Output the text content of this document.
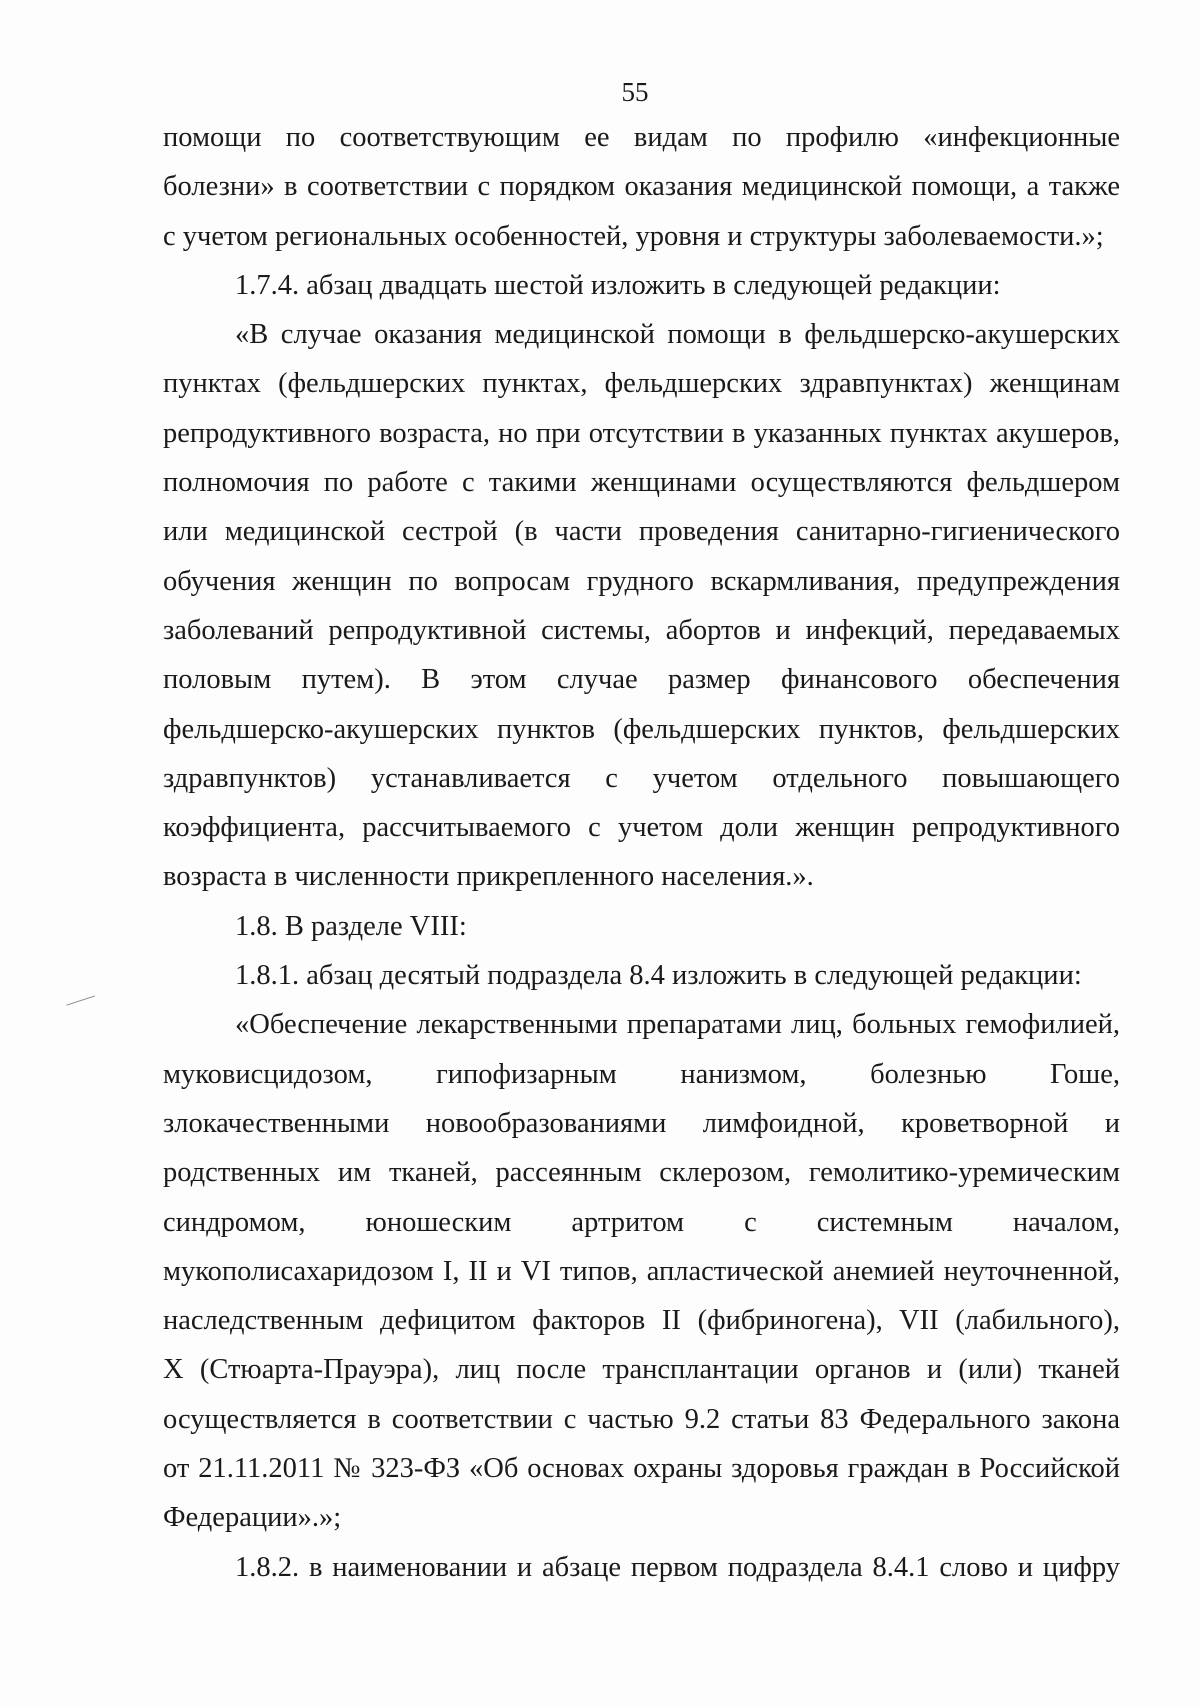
55
помощи по соответствующим ее видам по профилю «инфекционные
болезни» в соответствии с порядком оказания медицинской помощи, а также
с учетом региональных особенностей, уровня и структуры заболеваемости.»;
1.7.4. абзац двадцать шестой изложить в следующей редакции:
«В случае оказания медицинской помощи в фельдшерско-акушерских
пунктах (фельдшерских пунктах, фельдшерских здравпунктах) женщинам
репродуктивного возраста, но при отсутствии в указанных пунктах акушеров,
полномочия по работе с такими женщинами осуществляются фельдшером
или медицинской сестрой (в части проведения санитарно-гигиенического
обучения женщин по вопросам грудного вскармливания, предупреждения
заболеваний репродуктивной системы, абортов и инфекций, передаваемых
половым путем). В этом случае размер финансового обеспечения
фельдшерско-акушерских пунктов (фельдшерских пунктов, фельдшерских
здравпунктов) устанавливается с учетом отдельного повышающего
коэффициента, рассчитываемого с учетом доли женщин репродуктивного
возраста в численности прикрепленного населения.».
1.8. В разделе VIII:
1.8.1. абзац десятый подраздела 8.4 изложить в следующей редакции:
«Обеспечение лекарственными препаратами лиц, больных гемофилией,
муковисцидозом, гипофизарным нанизмом, болезнью Гоше,
злокачественными новообразованиями лимфоидной, кроветворной и
родственных им тканей, рассеянным склерозом, гемолитико-уремическим
синдромом, юношеским артритом с системным началом,
мукополисахаридозом I, II и VI типов, апластической анемией неуточненной,
наследственным дефицитом факторов II (фибриногена), VII (лабильного),
X (Стюарта-Прауэра), лиц после трансплантации органов и (или) тканей
осуществляется в соответствии с частью 9.2 статьи 83 Федерального закона
от 21.11.2011 № 323-ФЗ «Об основах охраны здоровья граждан в Российской
Федерации».»;
1.8.2. в наименовании и абзаце первом подраздела 8.4.1 слово и цифру
